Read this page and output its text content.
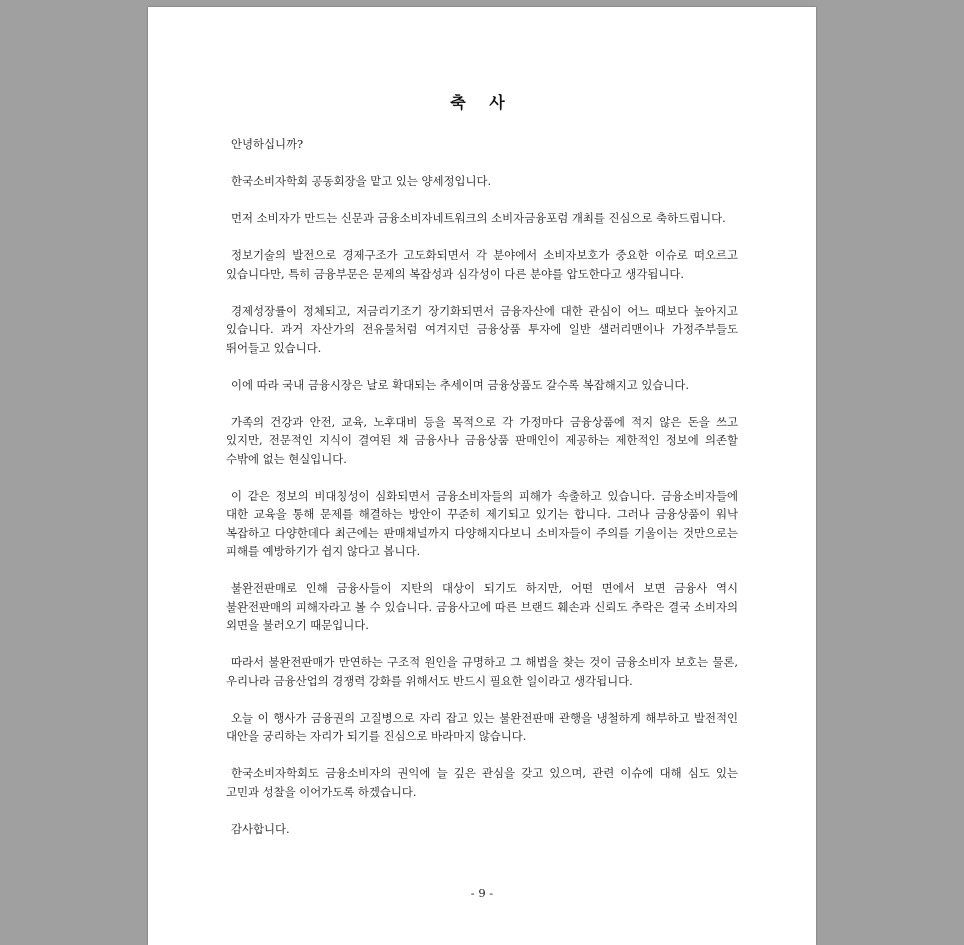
축 사

안녕하십니까?

한국소비자학회 공동회장을 맡고 있는 양세정입니다.

먼저 소비자가 만드는 신문과 금융소비자네트워크의 소비자금융포럼 개최를 진심으로 축하드립니다.

정보기술의 발전으로 경제구조가 고도화되면서 각 분야에서 소비자보호가 중요한 이슈로 떠오르고 있습니다만, 특히 금융부문은 문제의 복잡성과 심각성이 다른 분야를 압도한다고 생각됩니다.

경제성장률이 정체되고, 저금리기조기 장기화되면서 금융자산에 대한 관심이 어느 때보다 높아지고 있습니다. 과거 자산가의 전유물처럼 여겨지던 금융상품 투자에 일반 샐러리맨이나 가정주부들도 뛰어들고 있습니다.

이에 따라 국내 금융시장은 날로 확대되는 추세이며 금융상품도 갈수록 복잡해지고 있습니다.

가족의 건강과 안전, 교육, 노후대비 등을 목적으로 각 가정마다 금융상품에 적지 않은 돈을 쓰고 있지만, 전문적인 지식이 결여된 채 금융사나 금융상품 판매인이 제공하는 제한적인 정보에 의존할 수밖에 없는 현실입니다.

이 같은 정보의 비대칭성이 심화되면서 금융소비자들의 피해가 속출하고 있습니다. 금융소비자들에 대한 교육을 통해 문제를 해결하는 방안이 꾸준히 제기되고 있기는 합니다. 그러나 금융상품이 워낙 복잡하고 다양한데다 최근에는 판매채널까지 다양해지다보니 소비자들이 주의를 기울이는 것만으로는 피해를 예방하기가 쉽지 않다고 봅니다.

불완전판매로 인해 금융사들이 지탄의 대상이 되기도 하지만, 어떤 면에서 보면 금융사 역시 불완전판매의 피해자라고 볼 수 있습니다. 금융사고에 따른 브랜드 훼손과 신뢰도 추락은 결국 소비자의 외면을 불러오기 때문입니다.

따라서 불완전판매가 만연하는 구조적 원인을 규명하고 그 해법을 찾는 것이 금융소비자 보호는 물론, 우리나라 금융산업의 경쟁력 강화를 위해서도 반드시 필요한 일이라고 생각됩니다.

오늘 이 행사가 금융권의 고질병으로 자리 잡고 있는 불완전판매 관행을 냉철하게 해부하고 발전적인 대안을 궁리하는 자리가 되기를 진심으로 바라마지 않습니다.

한국소비자학회도 금융소비자의 권익에 늘 깊은 관심을 갖고 있으며, 관련 이슈에 대해 심도 있는 고민과 성찰을 이어가도록 하겠습니다.

감사합니다.

- 9 -
